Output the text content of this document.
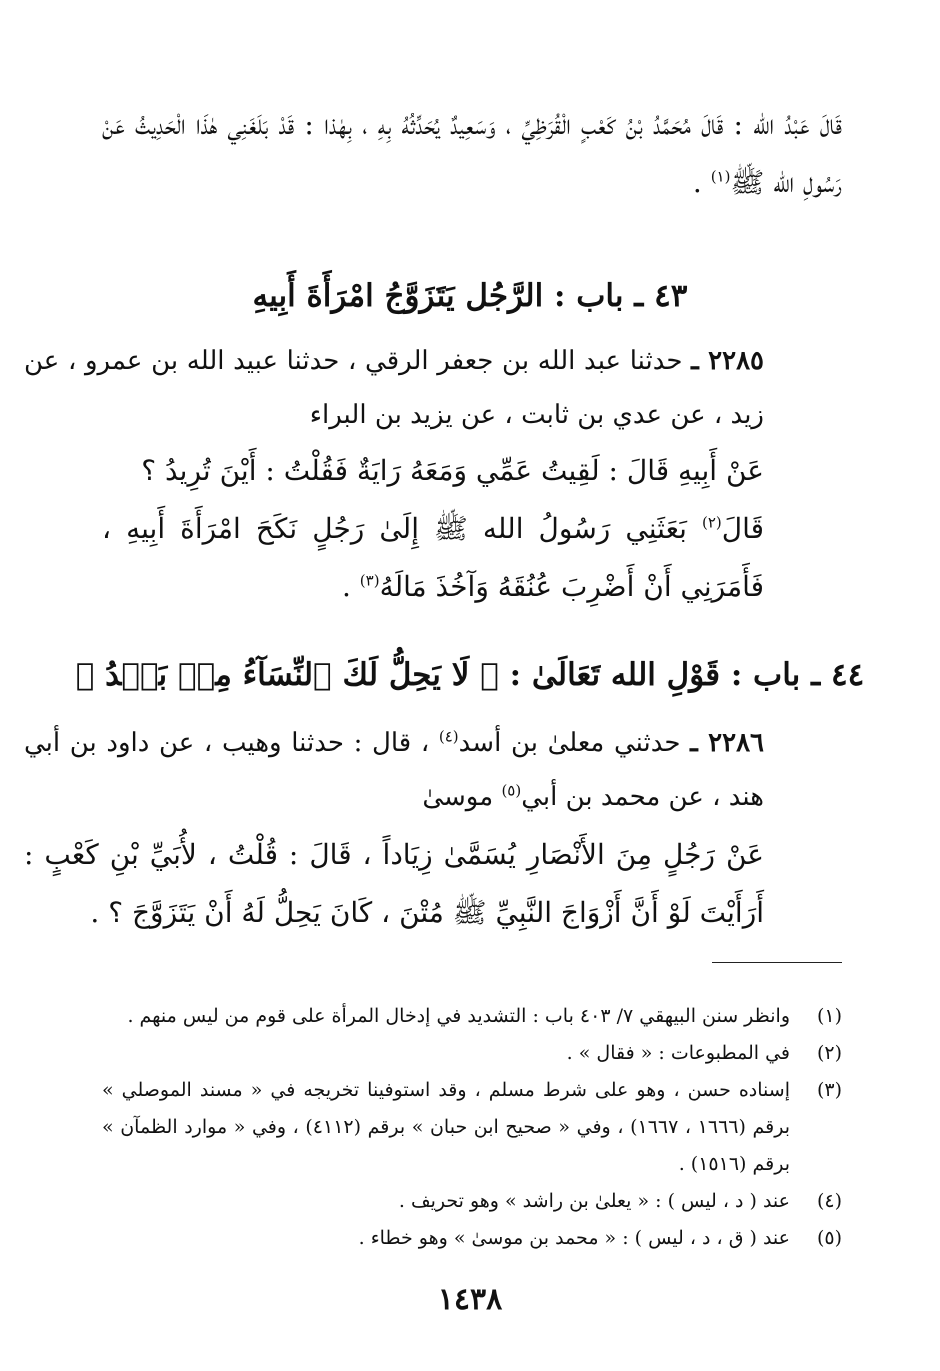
قَالَ عَبْدُ الله : قَالَ مُحَمَّدُ بْنُ كَعْبٍ الْقُرَظِيِّ ، وَسَعِيدٌ يُحَدِّثُهُ بِهِ ، بِهٰذا : قَدْ بَلَغَنِي هٰذَا الْحَدِيثُ عَنْ رَسُولِ الله ﷺ$^{(١)}$ .
٤٣ ـ باب : الرَّجُل يَتَزَوَّجُ امْرَأَةَ أَبِيهِ
٢٢٨٥ ـ حدثنا عبد الله بن جعفر الرقي ، حدثنا عبيد الله بن عمرو ، عن زيد ، عن عدي بن ثابت ، عن يزيد بن البراء
عَنْ أَبِيهِ قَالَ : لَقِيتُ عَمِّي وَمَعَهُ رَايَةٌ فَقُلْتُ : أَيْنَ تُرِيدُ ؟
قَالَ$^{(٢)}$ بَعَثَنِي رَسُولُ الله ﷺ إِلَىٰ رَجُلٍ نَكَحَ امْرَأَةَ أَبِيهِ ، فَأَمَرَنِي أَنْ أَضْرِبَ عُنُقَهُ وَآخُذَ مَالَهُ$^{(٣)}$ .
٤٤ ـ باب : قَوْلِ الله تَعَالَىٰ : ﴿ لَا يَحِلُّ لَكَ ٱلنِّسَآءُ مِنۢ بَعۡدُ ﴾
٢٢٨٦ ـ حدثني معلىٰ بن أسد$^{(٤)}$ ، قال : حدثنا وهيب ، عن داود بن أبي هند ، عن محمد بن أبي$^{(٥)}$ موسىٰ
عَنْ رَجُلٍ مِنَ الأَنْصَارِ يُسَمَّىٰ زِيَاداً ، قَالَ : قُلْتُ ، لأُبَيِّ بْنِ كَعْبٍ : أَرَأَيْتَ لَوْ أَنَّ أَزْوَاجَ النَّبِيِّ ﷺ مُتْنَ ، كَانَ يَحِلُّ لَهُ أَنْ يَتَزَوَّجَ ؟ .
(١)
وانظر سنن البيهقي ٧/ ٤٠٣ باب : التشديد في إدخال المرأة على قوم من ليس منهم .
(٢)
في المطبوعات : « فقال » .
(٣)
إسناده حسن ، وهو على شرط مسلم ، وقد استوفينا تخريجه في « مسند الموصلي » برقم (١٦٦٦ ، ١٦٦٧) ، وفي « صحيح ابن حبان » برقم (٤١١٢) ، وفي « موارد الظمآن » برقم (١٥١٦) .
(٤)
عند ( د ، ليس ) : « يعلىٰ بن راشد » وهو تحريف .
(٥)
عند ( ق ، د ، ليس ) : « محمد بن موسىٰ » وهو خطاء .
١٤٣٨
